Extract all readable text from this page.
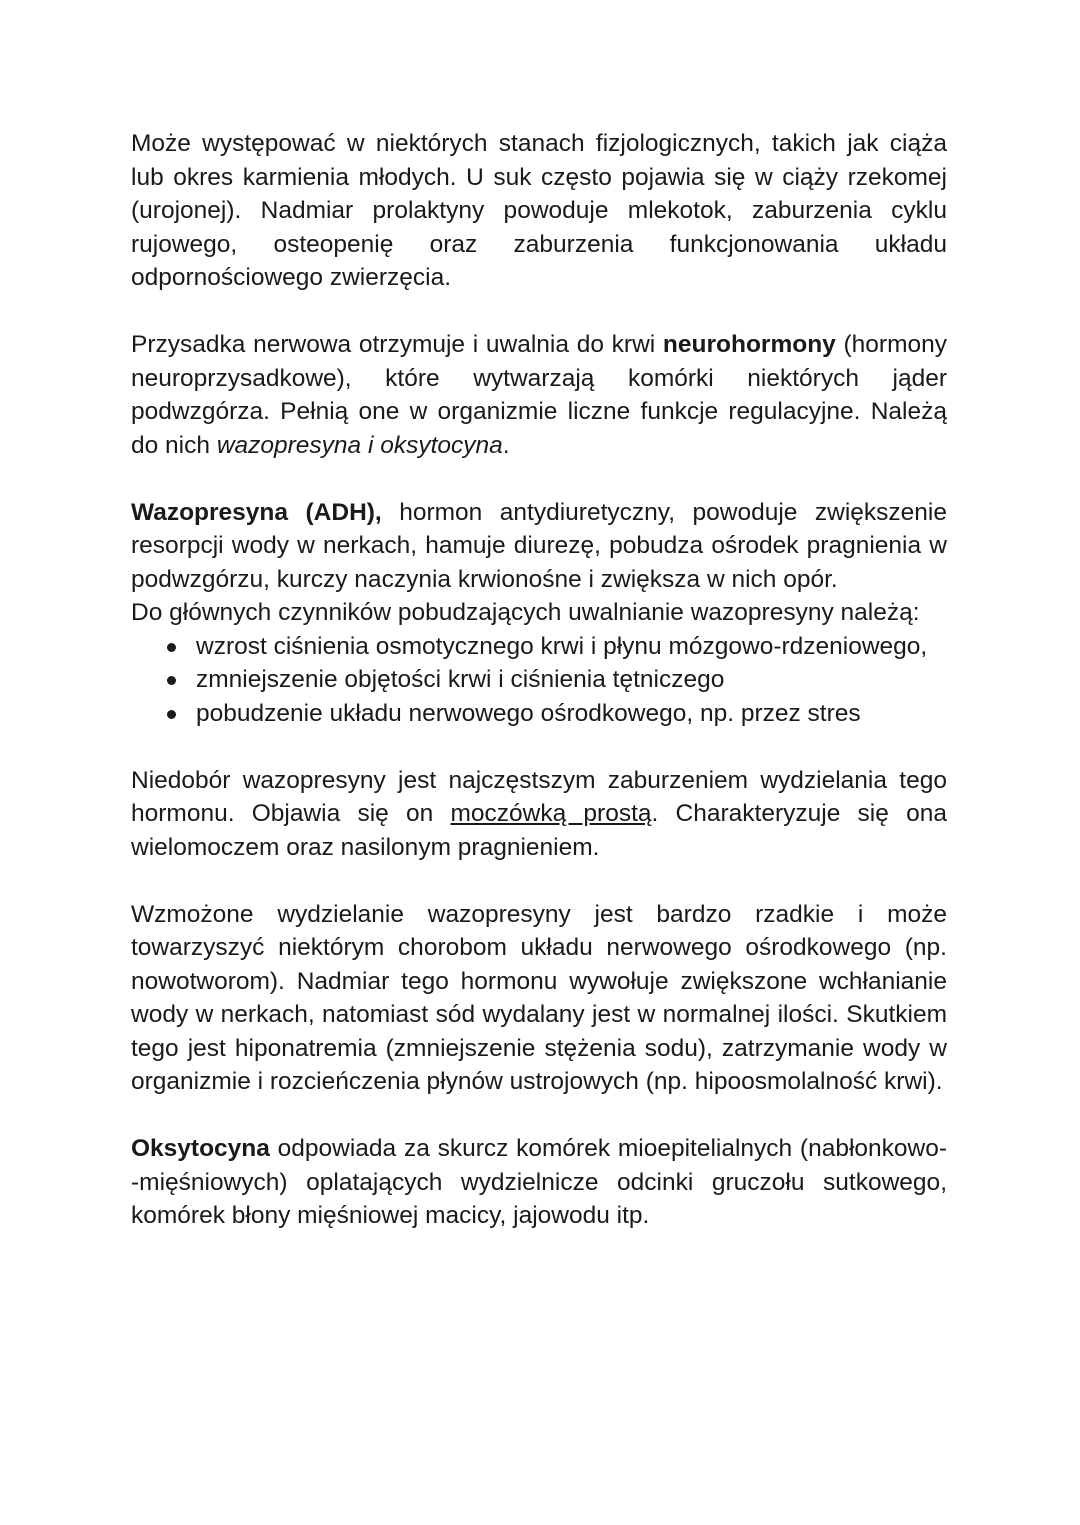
Może występować w niektórych stanach fizjologicznych, takich jak ciąża lub okres karmienia młodych. U suk często pojawia się w ciąży rzekomej (urojonej). Nadmiar prolaktyny powoduje mlekotok, zaburzenia cyklu rujowego, osteopenię oraz zaburzenia funkcjonowania układu odpornościowego zwierzęcia.

Przysadka nerwowa otrzymuje i uwalnia do krwi neurohormony (hormony neuroprzysadkowe), które wytwarzają komórki niektórych jąder podwzgórza. Pełnią one w organizmie liczne funkcje regulacyjne. Należą do nich wazopresyna i oksytocyna.

Wazopresyna (ADH), hormon antydiuretyczny, powoduje zwiększenie resorpcji wody w nerkach, hamuje diurezę, pobudza ośrodek pragnienia w podwzgórzu, kurczy naczynia krwionośne i zwiększa w nich opór.

Do głównych czynników pobudzających uwalnianie wazopresyny należą:

wzrost ciśnienia osmotycznego krwi i płynu mózgowo-rdzeniowego,
zmniejszenie objętości krwi i ciśnienia tętniczego
pobudzenie układu nerwowego ośrodkowego, np. przez stres

Niedobór wazopresyny jest najczęstszym zaburzeniem wydzielania tego hormonu. Objawia się on moczówką prostą. Charakteryzuje się ona wielomoczem oraz nasilonym pragnieniem.

Wzmożone wydzielanie wazopresyny jest bardzo rzadkie i może towarzyszyć niektórym chorobom układu nerwowego ośrodkowego (np. nowotworom). Nadmiar tego hormonu wywołuje zwiększone wchłanianie wody w nerkach, natomiast sód wydalany jest w normalnej ilości. Skutkiem tego jest hiponatremia (zmniejszenie stężenia sodu), zatrzymanie wody w organizmie i rozcieńczenia płynów ustrojowych (np. hipoosmolalność krwi).

Oksytocyna odpowiada za skurcz komórek mioepitelialnych (nabłonkowo- -mięśniowych) oplatających wydzielnicze odcinki gruczołu sutkowego, komórek błony mięśniowej macicy, jajowodu itp.
